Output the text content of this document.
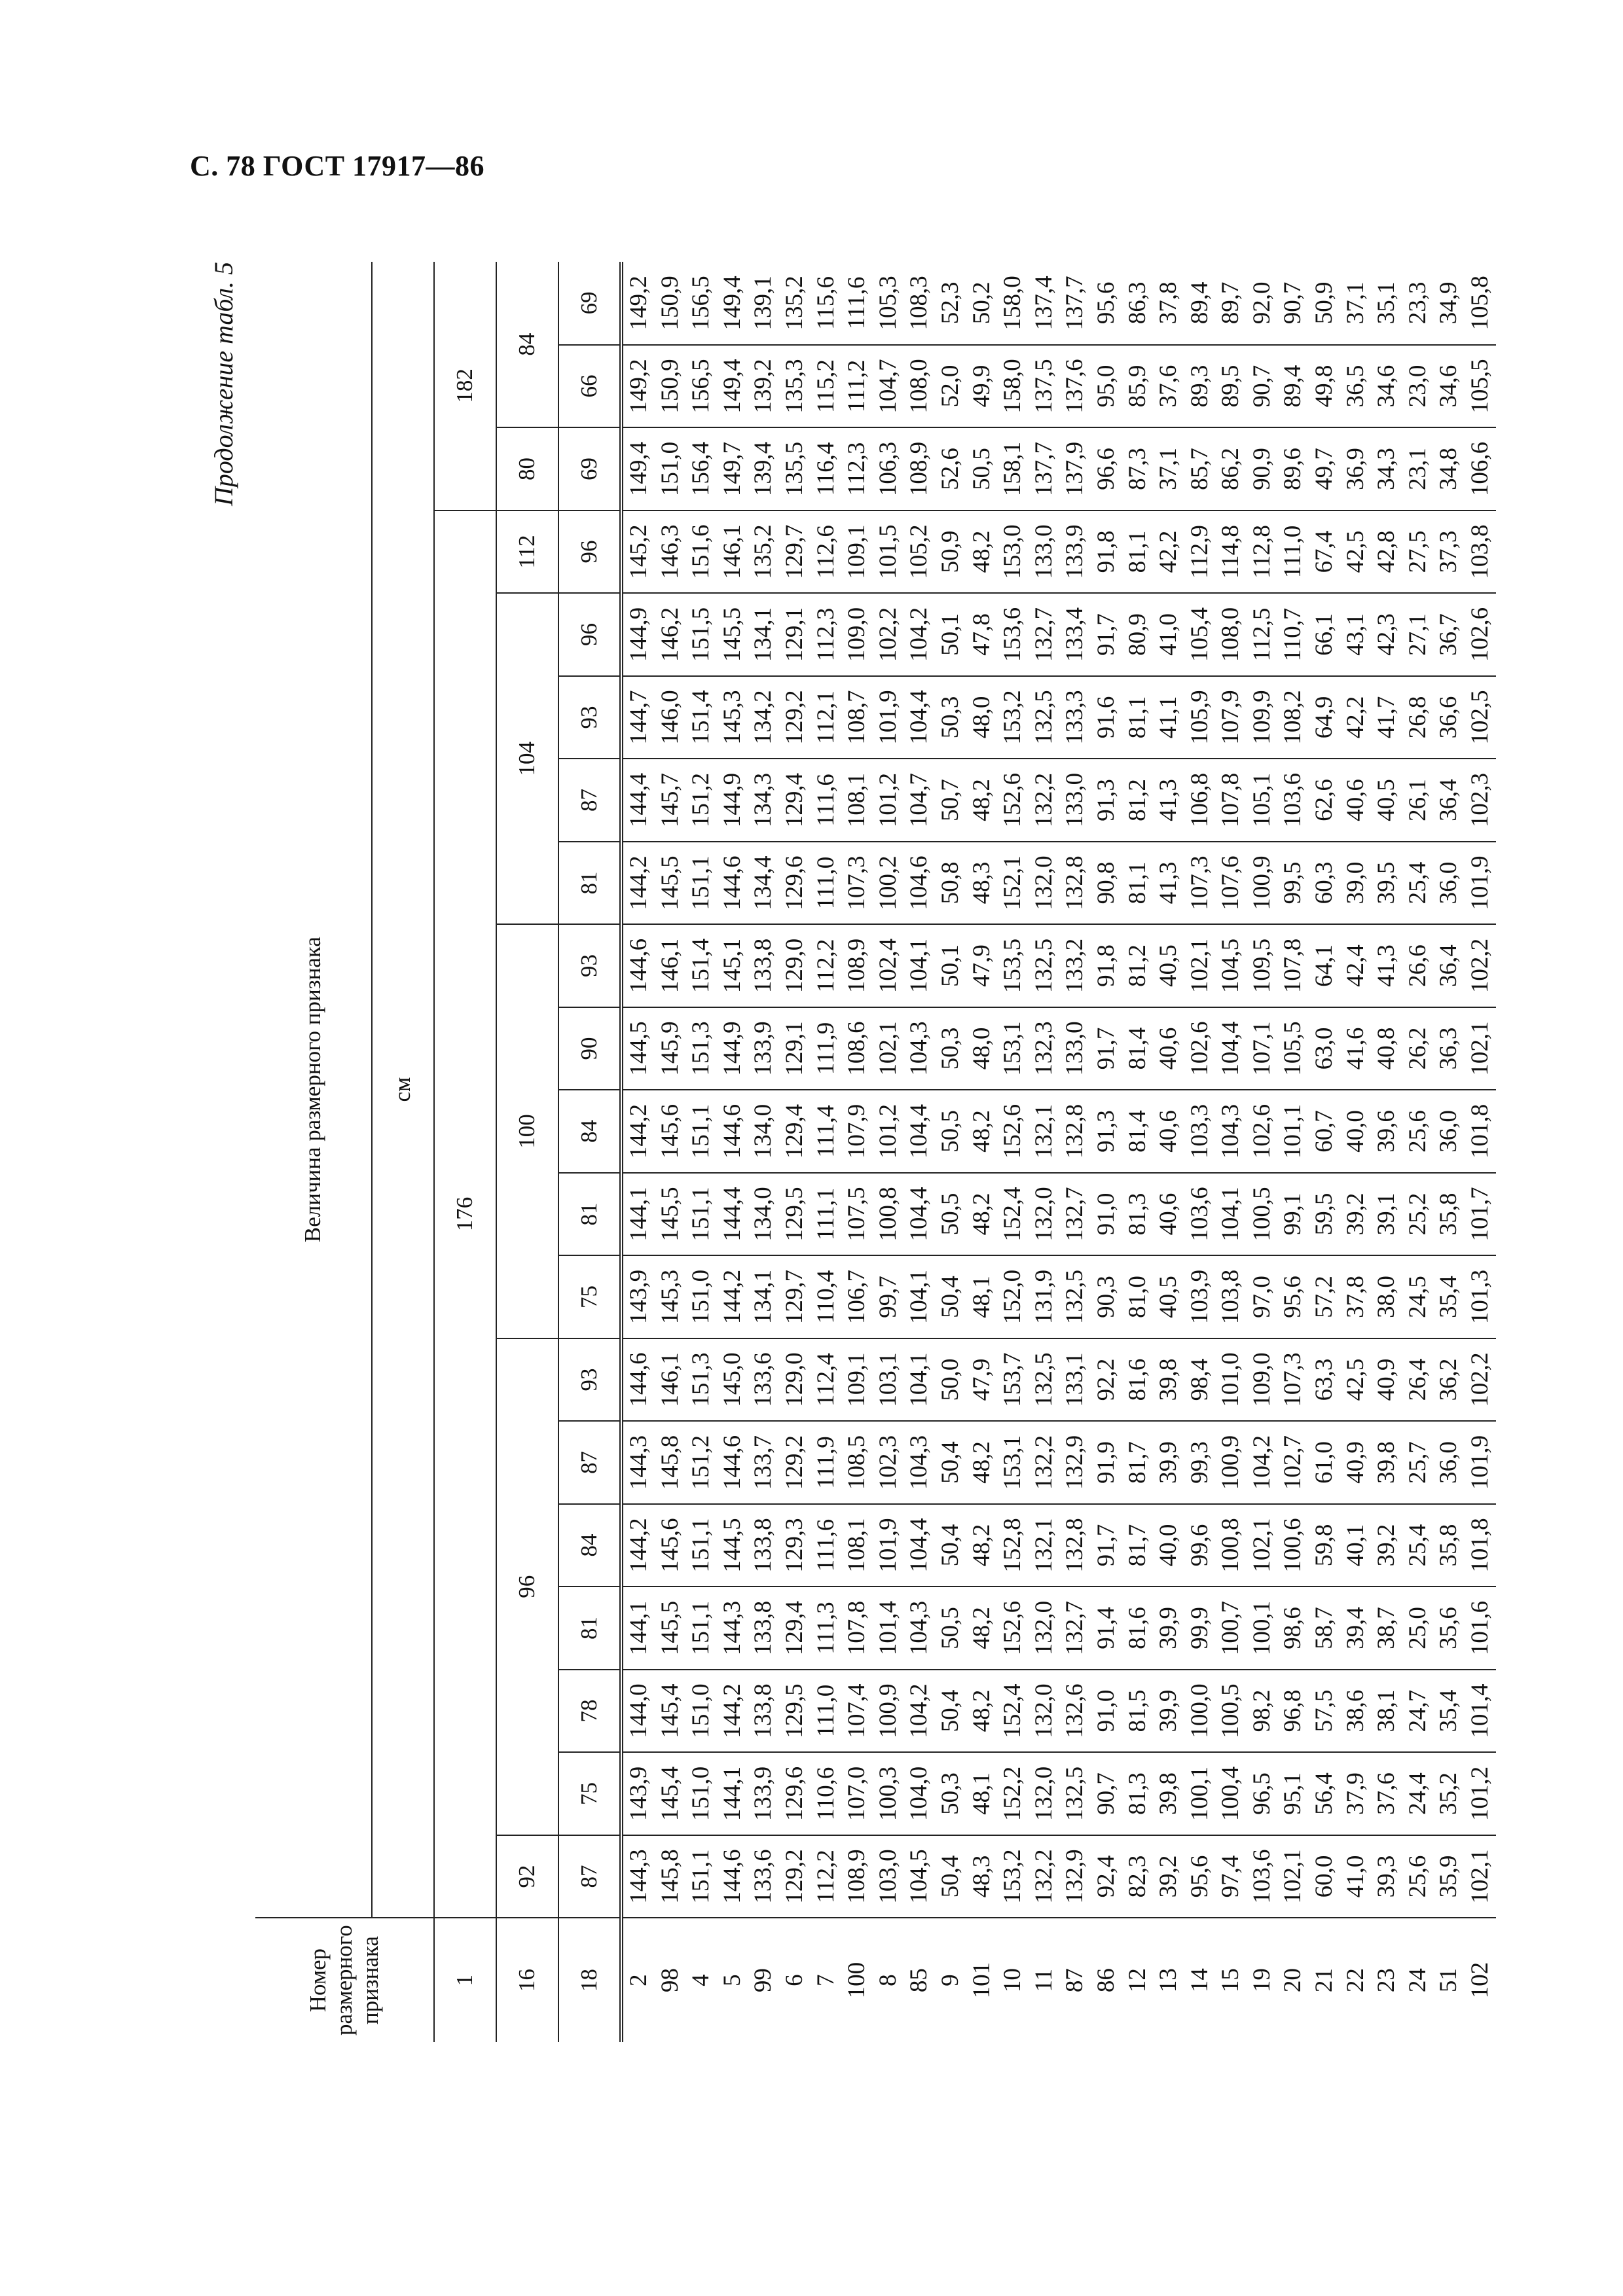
С. 78 ГОСТ 17917—86
Продолжение табл. 5
Номер размерного признака	Величина размерного признака																			
	см																			
1	176																	182		
16	92	96						100					104				112	80	84	
18	87	75	78	81	84	87	93	75	81	84	90	93	81	87	93	96	96	69	66	69
2	144,3	143,9	144,0	144,1	144,2	144,3	144,6	143,9	144,1	144,2	144,5	144,6	144,2	144,4	144,7	144,9	145,2	149,4	149,2	149,2
98	145,8	145,4	145,4	145,5	145,6	145,8	146,1	145,3	145,5	145,6	145,9	146,1	145,5	145,7	146,0	146,2	146,3	151,0	150,9	150,9
4	151,1	151,0	151,0	151,1	151,1	151,2	151,3	151,0	151,1	151,1	151,3	151,4	151,1	151,2	151,4	151,5	151,6	156,4	156,5	156,5
5	144,6	144,1	144,2	144,3	144,5	144,6	145,0	144,2	144,4	144,6	144,9	145,1	144,6	144,9	145,3	145,5	146,1	149,7	149,4	149,4
99	133,6	133,9	133,8	133,8	133,8	133,7	133,6	134,1	134,0	134,0	133,9	133,8	134,4	134,3	134,2	134,1	135,2	139,4	139,2	139,1
6	129,2	129,6	129,5	129,4	129,3	129,2	129,0	129,7	129,5	129,4	129,1	129,0	129,6	129,4	129,2	129,1	129,7	135,5	135,3	135,2
7	112,2	110,6	111,0	111,3	111,6	111,9	112,4	110,4	111,1	111,4	111,9	112,2	111,0	111,6	112,1	112,3	112,6	116,4	115,2	115,6
100	108,9	107,0	107,4	107,8	108,1	108,5	109,1	106,7	107,5	107,9	108,6	108,9	107,3	108,1	108,7	109,0	109,1	112,3	111,2	111,6
8	103,0	100,3	100,9	101,4	101,9	102,3	103,1	99,7	100,8	101,2	102,1	102,4	100,2	101,2	101,9	102,2	101,5	106,3	104,7	105,3
85	104,5	104,0	104,2	104,3	104,4	104,3	104,1	104,1	104,4	104,4	104,3	104,1	104,6	104,7	104,4	104,2	105,2	108,9	108,0	108,3
9	50,4	50,3	50,4	50,5	50,4	50,4	50,0	50,4	50,5	50,5	50,3	50,1	50,8	50,7	50,3	50,1	50,9	52,6	52,0	52,3
101	48,3	48,1	48,2	48,2	48,2	48,2	47,9	48,1	48,2	48,2	48,0	47,9	48,3	48,2	48,0	47,8	48,2	50,5	49,9	50,2
10	153,2	152,2	152,4	152,6	152,8	153,1	153,7	152,0	152,4	152,6	153,1	153,5	152,1	152,6	153,2	153,6	153,0	158,1	158,0	158,0
11	132,2	132,0	132,0	132,0	132,1	132,2	132,5	131,9	132,0	132,1	132,3	132,5	132,0	132,2	132,5	132,7	133,0	137,7	137,5	137,4
87	132,9	132,5	132,6	132,7	132,8	132,9	133,1	132,5	132,7	132,8	133,0	133,2	132,8	133,0	133,3	133,4	133,9	137,9	137,6	137,7
86	92,4	90,7	91,0	91,4	91,7	91,9	92,2	90,3	91,0	91,3	91,7	91,8	90,8	91,3	91,6	91,7	91,8	96,6	95,0	95,6
12	82,3	81,3	81,5	81,6	81,7	81,7	81,6	81,0	81,3	81,4	81,4	81,2	81,1	81,2	81,1	80,9	81,1	87,3	85,9	86,3
13	39,2	39,8	39,9	39,9	40,0	39,9	39,8	40,5	40,6	40,6	40,6	40,5	41,3	41,3	41,1	41,0	42,2	37,1	37,6	37,8
14	95,6	100,1	100,0	99,9	99,6	99,3	98,4	103,9	103,6	103,3	102,6	102,1	107,3	106,8	105,9	105,4	112,9	85,7	89,3	89,4
15	97,4	100,4	100,5	100,7	100,8	100,9	101,0	103,8	104,1	104,3	104,4	104,5	107,6	107,8	107,9	108,0	114,8	86,2	89,5	89,7
19	103,6	96,5	98,2	100,1	102,1	104,2	109,0	97,0	100,5	102,6	107,1	109,5	100,9	105,1	109,9	112,5	112,8	90,9	90,7	92,0
20	102,1	95,1	96,8	98,6	100,6	102,7	107,3	95,6	99,1	101,1	105,5	107,8	99,5	103,6	108,2	110,7	111,0	89,6	89,4	90,7
21	60,0	56,4	57,5	58,7	59,8	61,0	63,3	57,2	59,5	60,7	63,0	64,1	60,3	62,6	64,9	66,1	67,4	49,7	49,8	50,9
22	41,0	37,9	38,6	39,4	40,1	40,9	42,5	37,8	39,2	40,0	41,6	42,4	39,0	40,6	42,2	43,1	42,5	36,9	36,5	37,1
23	39,3	37,6	38,1	38,7	39,2	39,8	40,9	38,0	39,1	39,6	40,8	41,3	39,5	40,5	41,7	42,3	42,8	34,3	34,6	35,1
24	25,6	24,4	24,7	25,0	25,4	25,7	26,4	24,5	25,2	25,6	26,2	26,6	25,4	26,1	26,8	27,1	27,5	23,1	23,0	23,3
51	35,9	35,2	35,4	35,6	35,8	36,0	36,2	35,4	35,8	36,0	36,3	36,4	36,0	36,4	36,6	36,7	37,3	34,8	34,6	34,9
102	102,1	101,2	101,4	101,6	101,8	101,9	102,2	101,3	101,7	101,8	102,1	102,2	101,9	102,3	102,5	102,6	103,8	106,6	105,5	105,8
